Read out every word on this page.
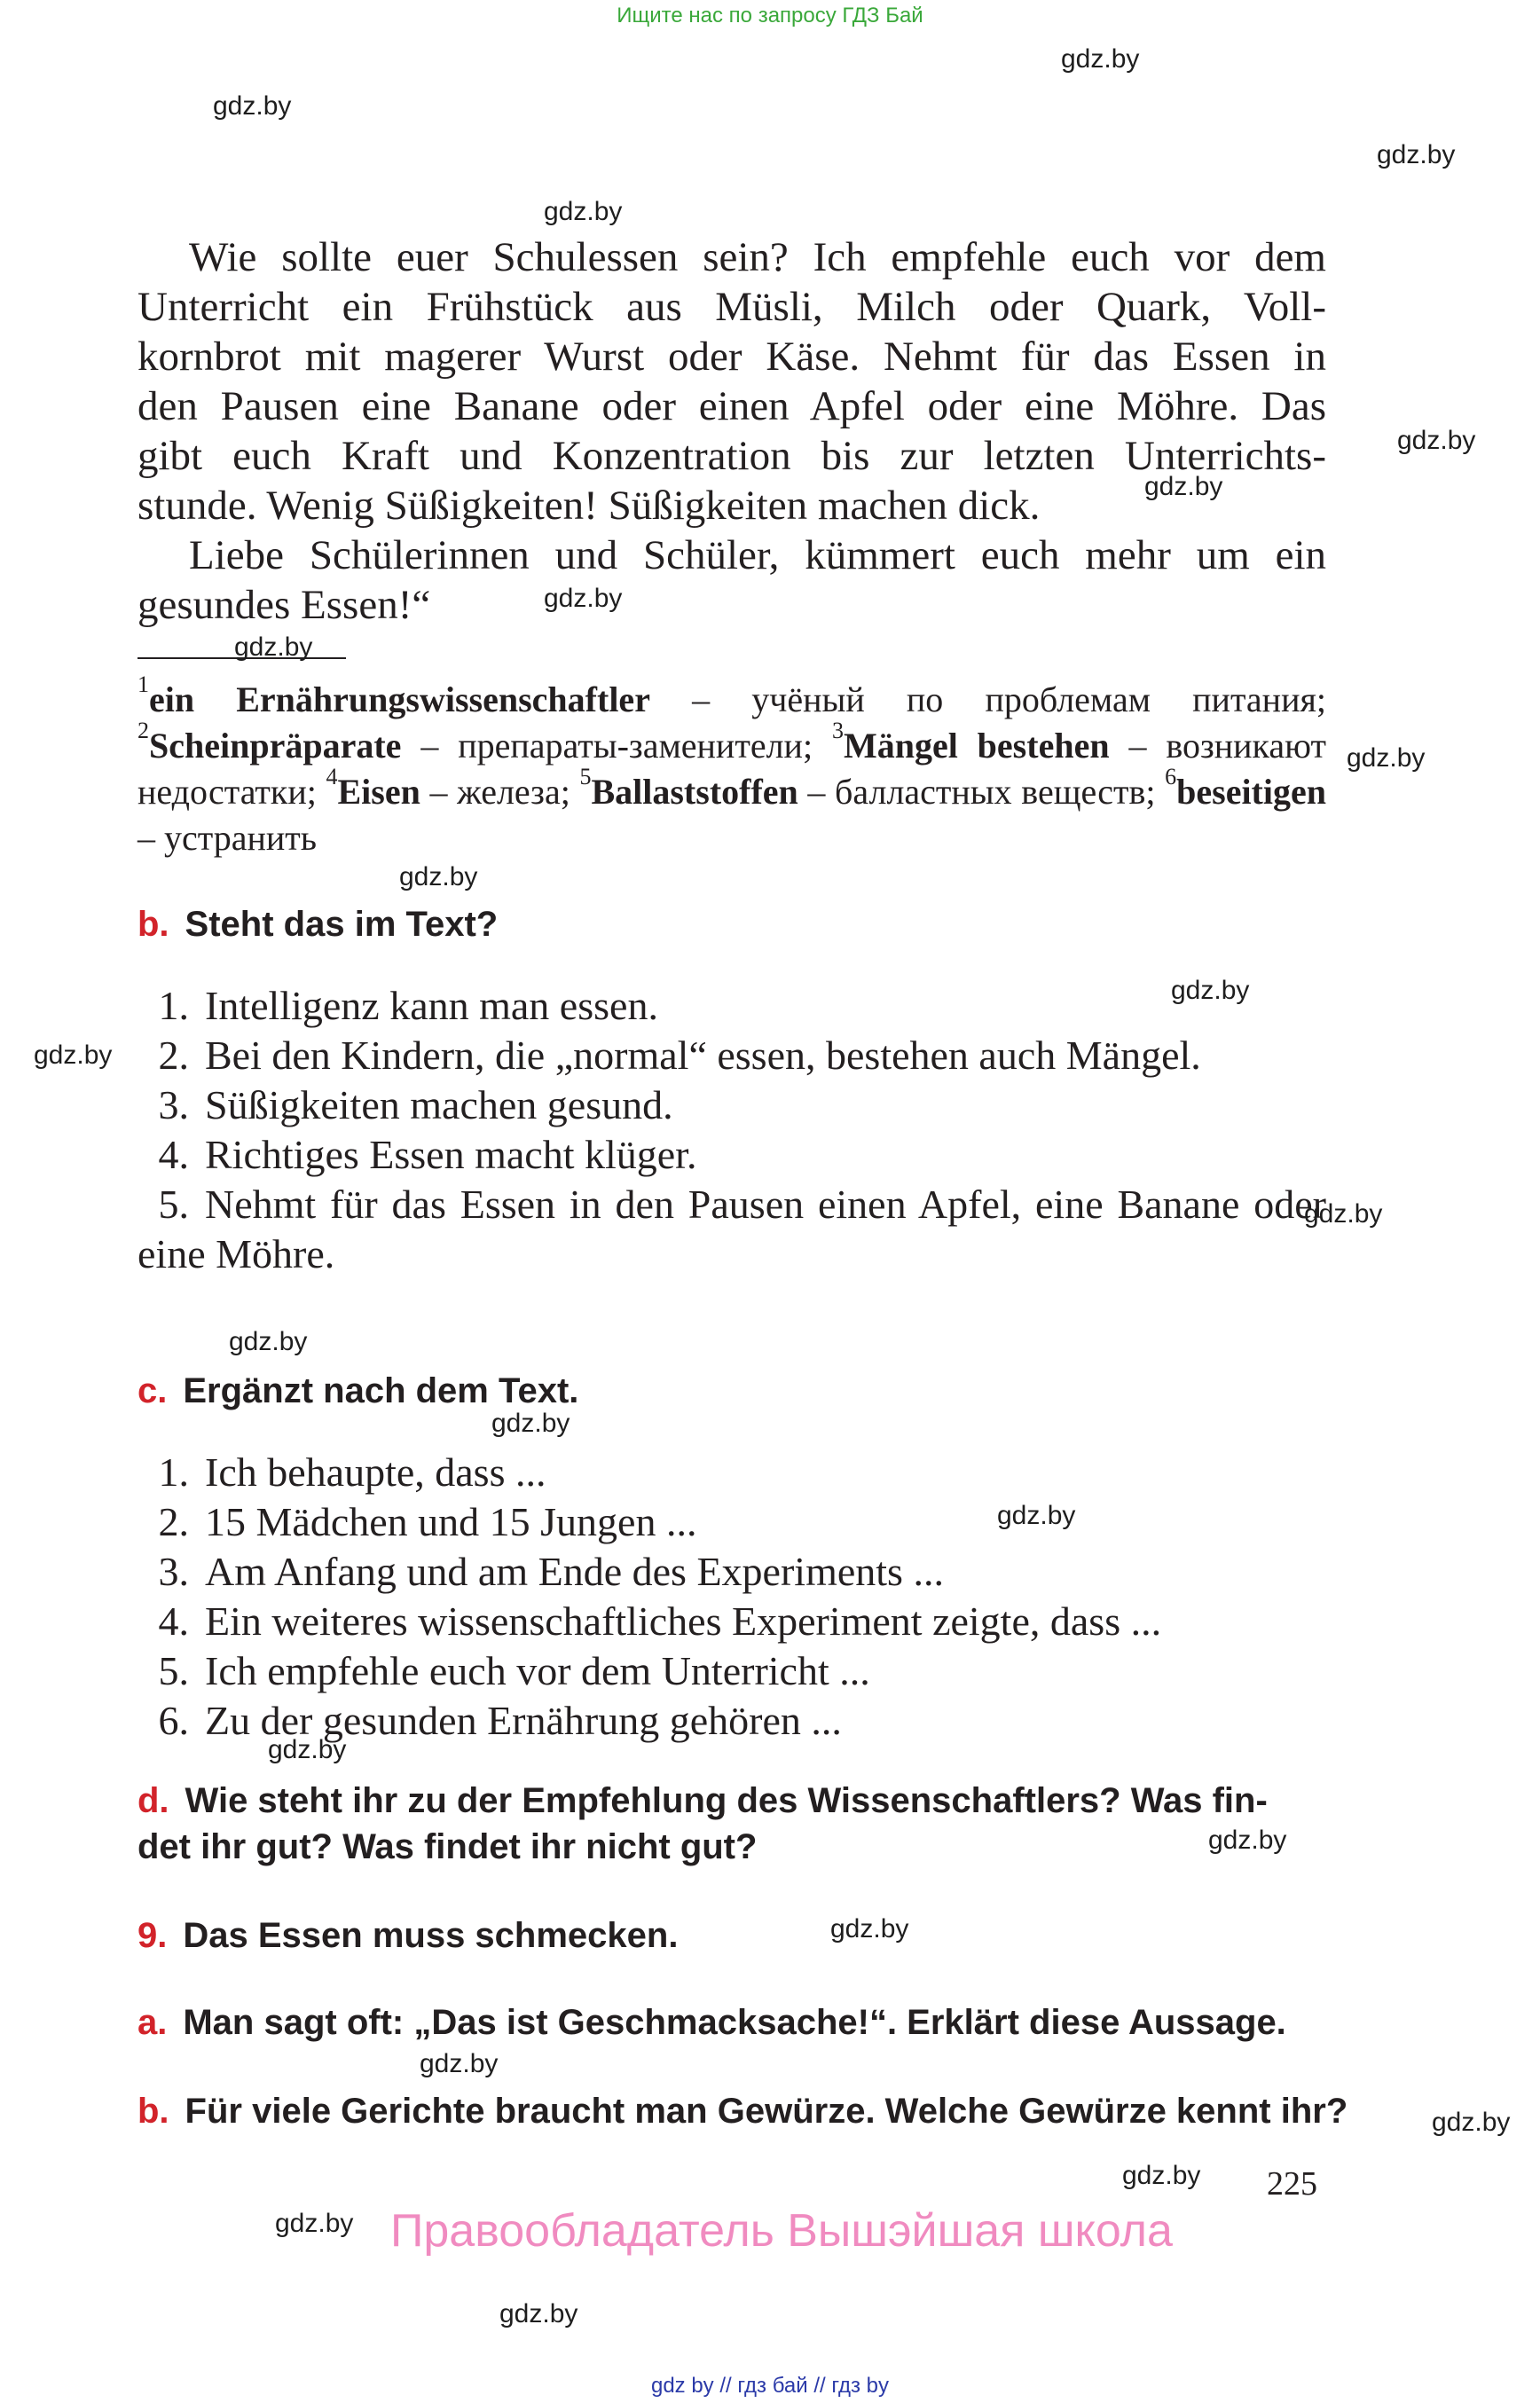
Ищите нас по запросу ГДЗ Бай
gdz.by
gdz.by
gdz.by
gdz.by

Wie sollte euer Schulessen sein? Ich empfehle euch vor dem

Unterricht ein Frühstück aus Müsli, Milch oder Quark, Voll-

kornbrot mit magerer Wurst oder Käse. Nehmt für das Essen in

den Pausen eine Banane oder einen Apfel oder eine Möhre. Das

gibt euch Kraft und Konzentration bis zur letzten Unterrichts-

stunde. Wenig Süßigkeiten! Süßigkeiten machen dick.

Liebe Schülerinnen und Schüler, kümmert euch mehr um ein

gesundes Essen!“

gdz.by
gdz.by
gdz.by
gdz.by
$^1$ein Ernährungswissenschaftler – учёный по проблемам питания; $^2$Scheinpräparate – препараты-заменители; $^3$Mängel bestehen – возникают недостатки; $^4$Eisen – железа; $^5$Ballaststoffen – балластных веществ; $^6$beseitigen – устранить
gdz.by
gdz.by
b. Steht das im Text?
gdz.by
gdz.by

1. Intelligenz kann man essen.

2. Bei den Kindern, die „normal“ essen, bestehen auch Mängel.

3. Süßigkeiten machen gesund.

4. Richtiges Essen macht klüger.

5. Nehmt für das Essen in den Pausen einen Apfel, eine Banane oder eine Möhre.

gdz.by
gdz.by
c. Ergänzt nach dem Text.
gdz.by

1. Ich behaupte, dass ...

2. 15 Mädchen und 15 Jungen ...

3. Am Anfang und am Ende des Experiments ...

4. Ein weiteres wissenschaftliches Experiment zeigte, dass ...

5. Ich empfehle euch vor dem Unterricht ...

6. Zu der gesunden Ernährung gehören ...

gdz.by
gdz.by
d. Wie steht ihr zu der Empfehlung des Wissenschaftlers? Was fin-
det ihr gut? Was findet ihr nicht gut?	gdz.by
gdz.by
9. Das Essen muss schmecken.
a. Man sagt oft: „Das ist Geschmacksache!“. Erklärt diese Aussage.
gdz.by
b. Für viele Gerichte braucht man Gewürze. Welche Gewürze kennt ihr?	gdz.by
gdz.by 225
gdz.by Правообладатель Вышэйшая школа
gdz.by
gdz by // гдз бай // гдз by
